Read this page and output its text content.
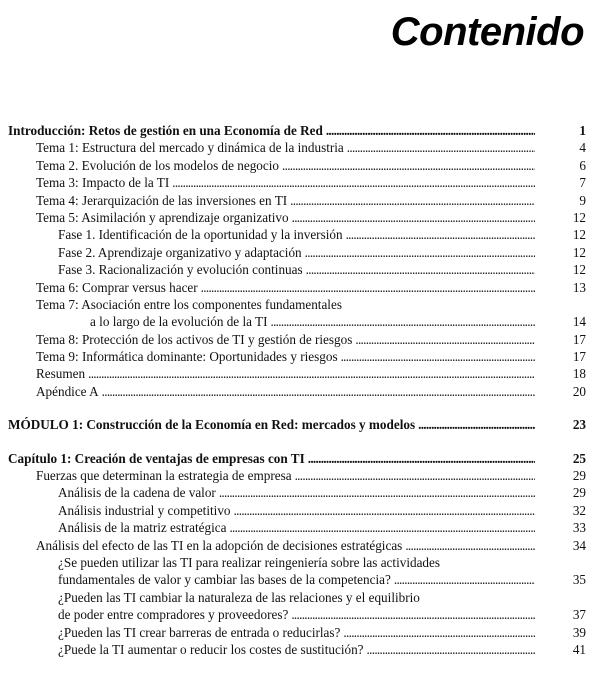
Contenido
Introducción: Retos de gestión en una Economía de Red . . .	1
Tema 1: Estructura del mercado y dinámica de la industria . . .	4
Tema 2. Evolución de los modelos de negocio . . .	6
Tema 3: Impacto de la TI . . .	7
Tema 4: Jerarquización de las inversiones en TI . . .	9
Tema 5: Asimilación y aprendizaje organizativo . . .	12
Fase 1. Identificación de la oportunidad y la inversión . . .	12
Fase 2. Aprendizaje organizativo y adaptación . . .	12
Fase 3. Racionalización y evolución continuas . . .	12
Tema 6: Comprar versus hacer . . .	13
Tema 7: Asociación entre los componentes fundamentales
a lo largo de la evolución de la TI . . .	14
Tema 8: Protección de los activos de TI y gestión de riesgos . . .	17
Tema 9: Informática dominante: Oportunidades y riesgos . . .	17
Resumen . . .	18
Apéndice A . . .	20
MÓDULO 1: Construcción de la Economía en Red: mercados y modelos . . .	23
Capítulo 1: Creación de ventajas de empresas con TI . . .	25
Fuerzas que determinan la estrategia de empresa . . .	29
Análisis de la cadena de valor . . .	29
Análisis industrial y competitivo . . .	32
Análisis de la matriz estratégica . . .	33
Análisis del efecto de las TI en la adopción de decisiones estratégicas . . .	34
¿Se pueden utilizar las TI para realizar reingeniería sobre las actividades
fundamentales de valor y cambiar las bases de la competencia? . . .	35
¿Pueden las TI cambiar la naturaleza de las relaciones y el equilibrio
de poder entre compradores y proveedores? . . .	37
¿Pueden las TI crear barreras de entrada o reducirlas? . . .	39
¿Puede la TI aumentar o reducir los costes de sustitución? . . .	41
